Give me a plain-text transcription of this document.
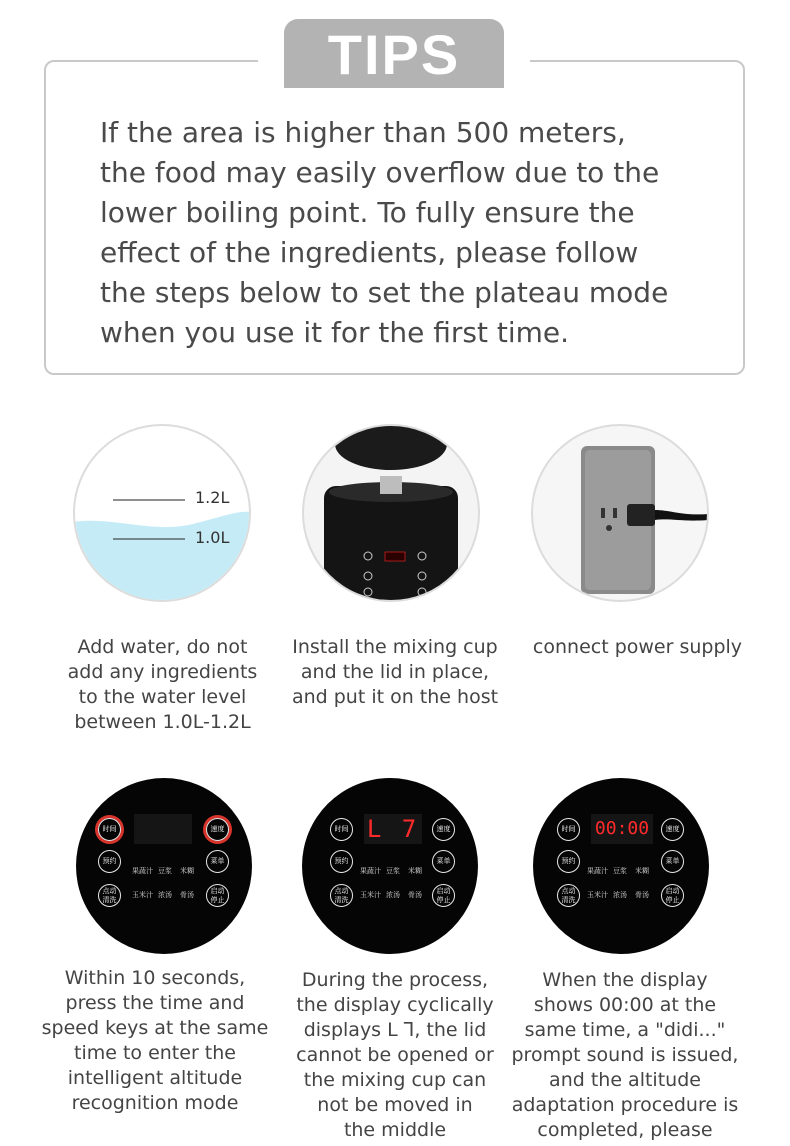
TIPS
If the area is higher than 500 meters,
the food may easily overflow due to the
lower boiling point. To fully ensure the
effect of the ingredients, please follow
the steps below to set the plateau mode
when you use it for the first time.
1.2L
1.0L
Add water, do not
add any ingredients
to the water level
between 1.0L-1.2L
Install the mixing cup
and the lid in place,
and put it on the host
connect power supply
时间	速度
预约	菜单
点动 清洗
启动 停止
果蔬汁 豆浆 米糊
玉米汁 浓汤 骨汤
Within 10 seconds,
press the time and
speed keys at the same
time to enter the
intelligent altitude
recognition mode
时间	速度
L 7
预约	菜单
点动 清洗
启动 停止
果蔬汁 豆浆 米糊
玉米汁 浓汤 骨汤
During the process,
the display cyclically
displays L ꓶ, the lid
cannot be opened or
the mixing cup can
not be moved in
the middle
时间	速度
00:00
预约	菜单
点动 清洗
启动 停止
果蔬汁 豆浆 米糊
玉米汁 浓汤 骨汤
When the display
shows 00:00 at the
same time, a "didi..."
prompt sound is issued,
and the altitude
adaptation procedure is
completed, please
